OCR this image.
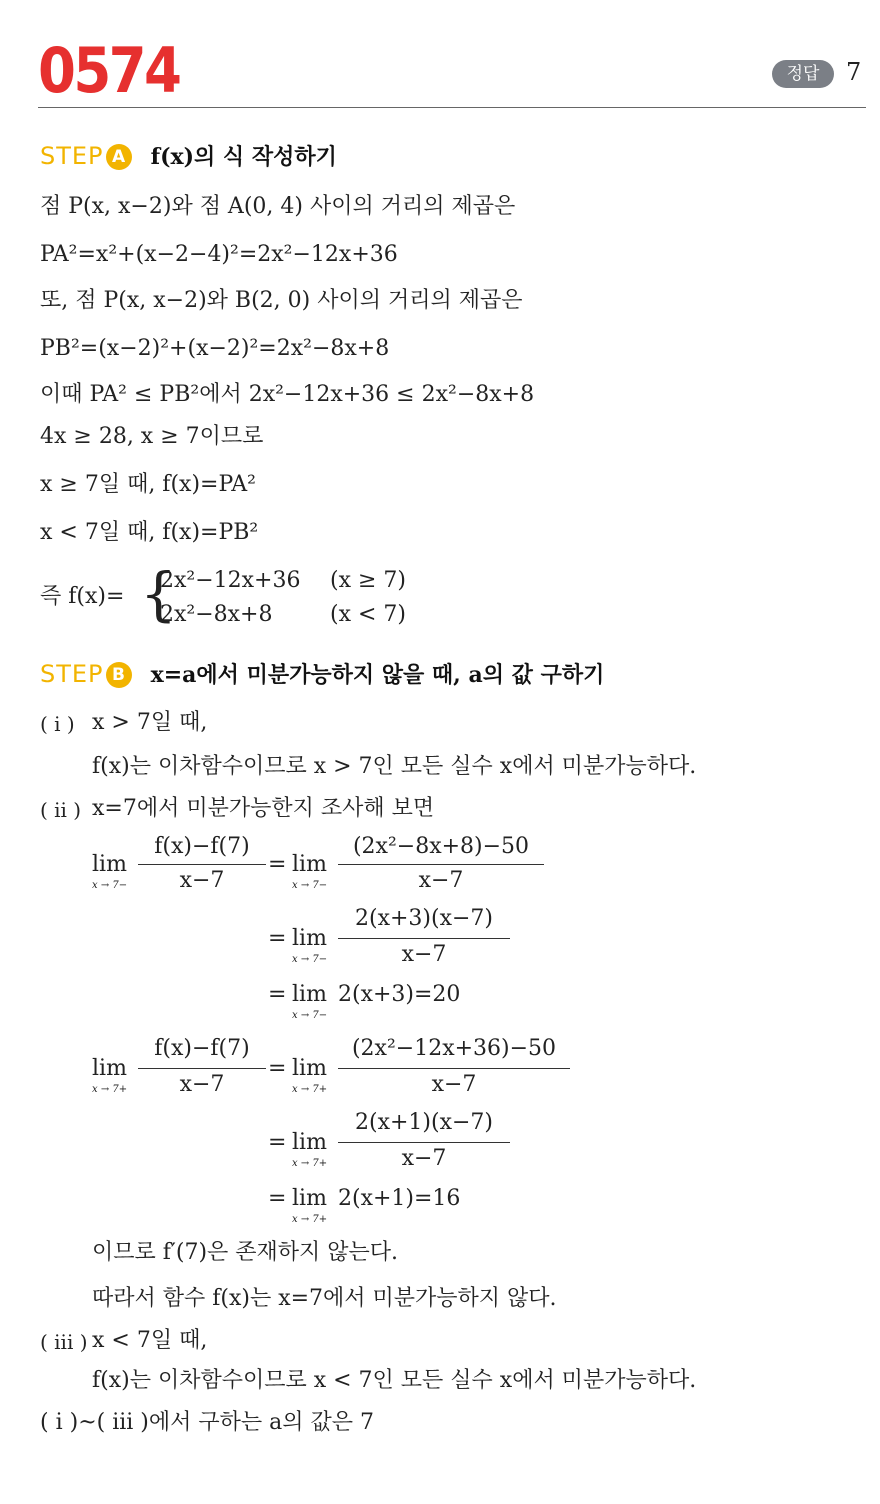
0574	정답	7
STEP A f(x)의 식 작성하기
점 P(x, x−2)와 점 A(0, 4) 사이의 거리의 제곱은
PA²=x²+(x−2−4)²=2x²−12x+36
또, 점 P(x, x−2)와 B(2, 0) 사이의 거리의 제곱은
PB²=(x−2)²+(x−2)²=2x²−8x+8
이때 PA² ≤ PB²에서 2x²−12x+36 ≤ 2x²−8x+8
4x ≥ 28, x ≥ 7이므로
x ≥ 7일 때, f(x)=PA²
x < 7일 때, f(x)=PB²
즉 f(x)= {
2x²−12x+36 (x ≥ 7)
2x²−8x+8	(x < 7)
STEP B x=a에서 미분가능하지 않을 때, a의 값 구하기
( i ) x > 7일 때,
f(x)는 이차함수이므로 x > 7인 모든 실수 x에서 미분가능하다.
( ii ) x=7에서 미분가능한지 조사해 보면
lim
x → 7−
f(x)−f(7)
x−7
= lim
x → 7−
(2x²−8x+8)−50
x−7
= lim
x → 7−
2(x+3)(x−7)
x−7
= lim
x → 7−
2(x+3)=20
lim
x → 7+
f(x)−f(7)
x−7
= lim
x → 7+
(2x²−12x+36)−50
x−7
= lim
x → 7+
2(x+1)(x−7)
x−7
= lim
x → 7+
2(x+1)=16
이므로 f′(7)은 존재하지 않는다.
따라서 함수 f(x)는 x=7에서 미분가능하지 않다.
( iii ) x < 7일 때,
f(x)는 이차함수이므로 x < 7인 모든 실수 x에서 미분가능하다.
( i )~( iii )에서 구하는 a의 값은 7
